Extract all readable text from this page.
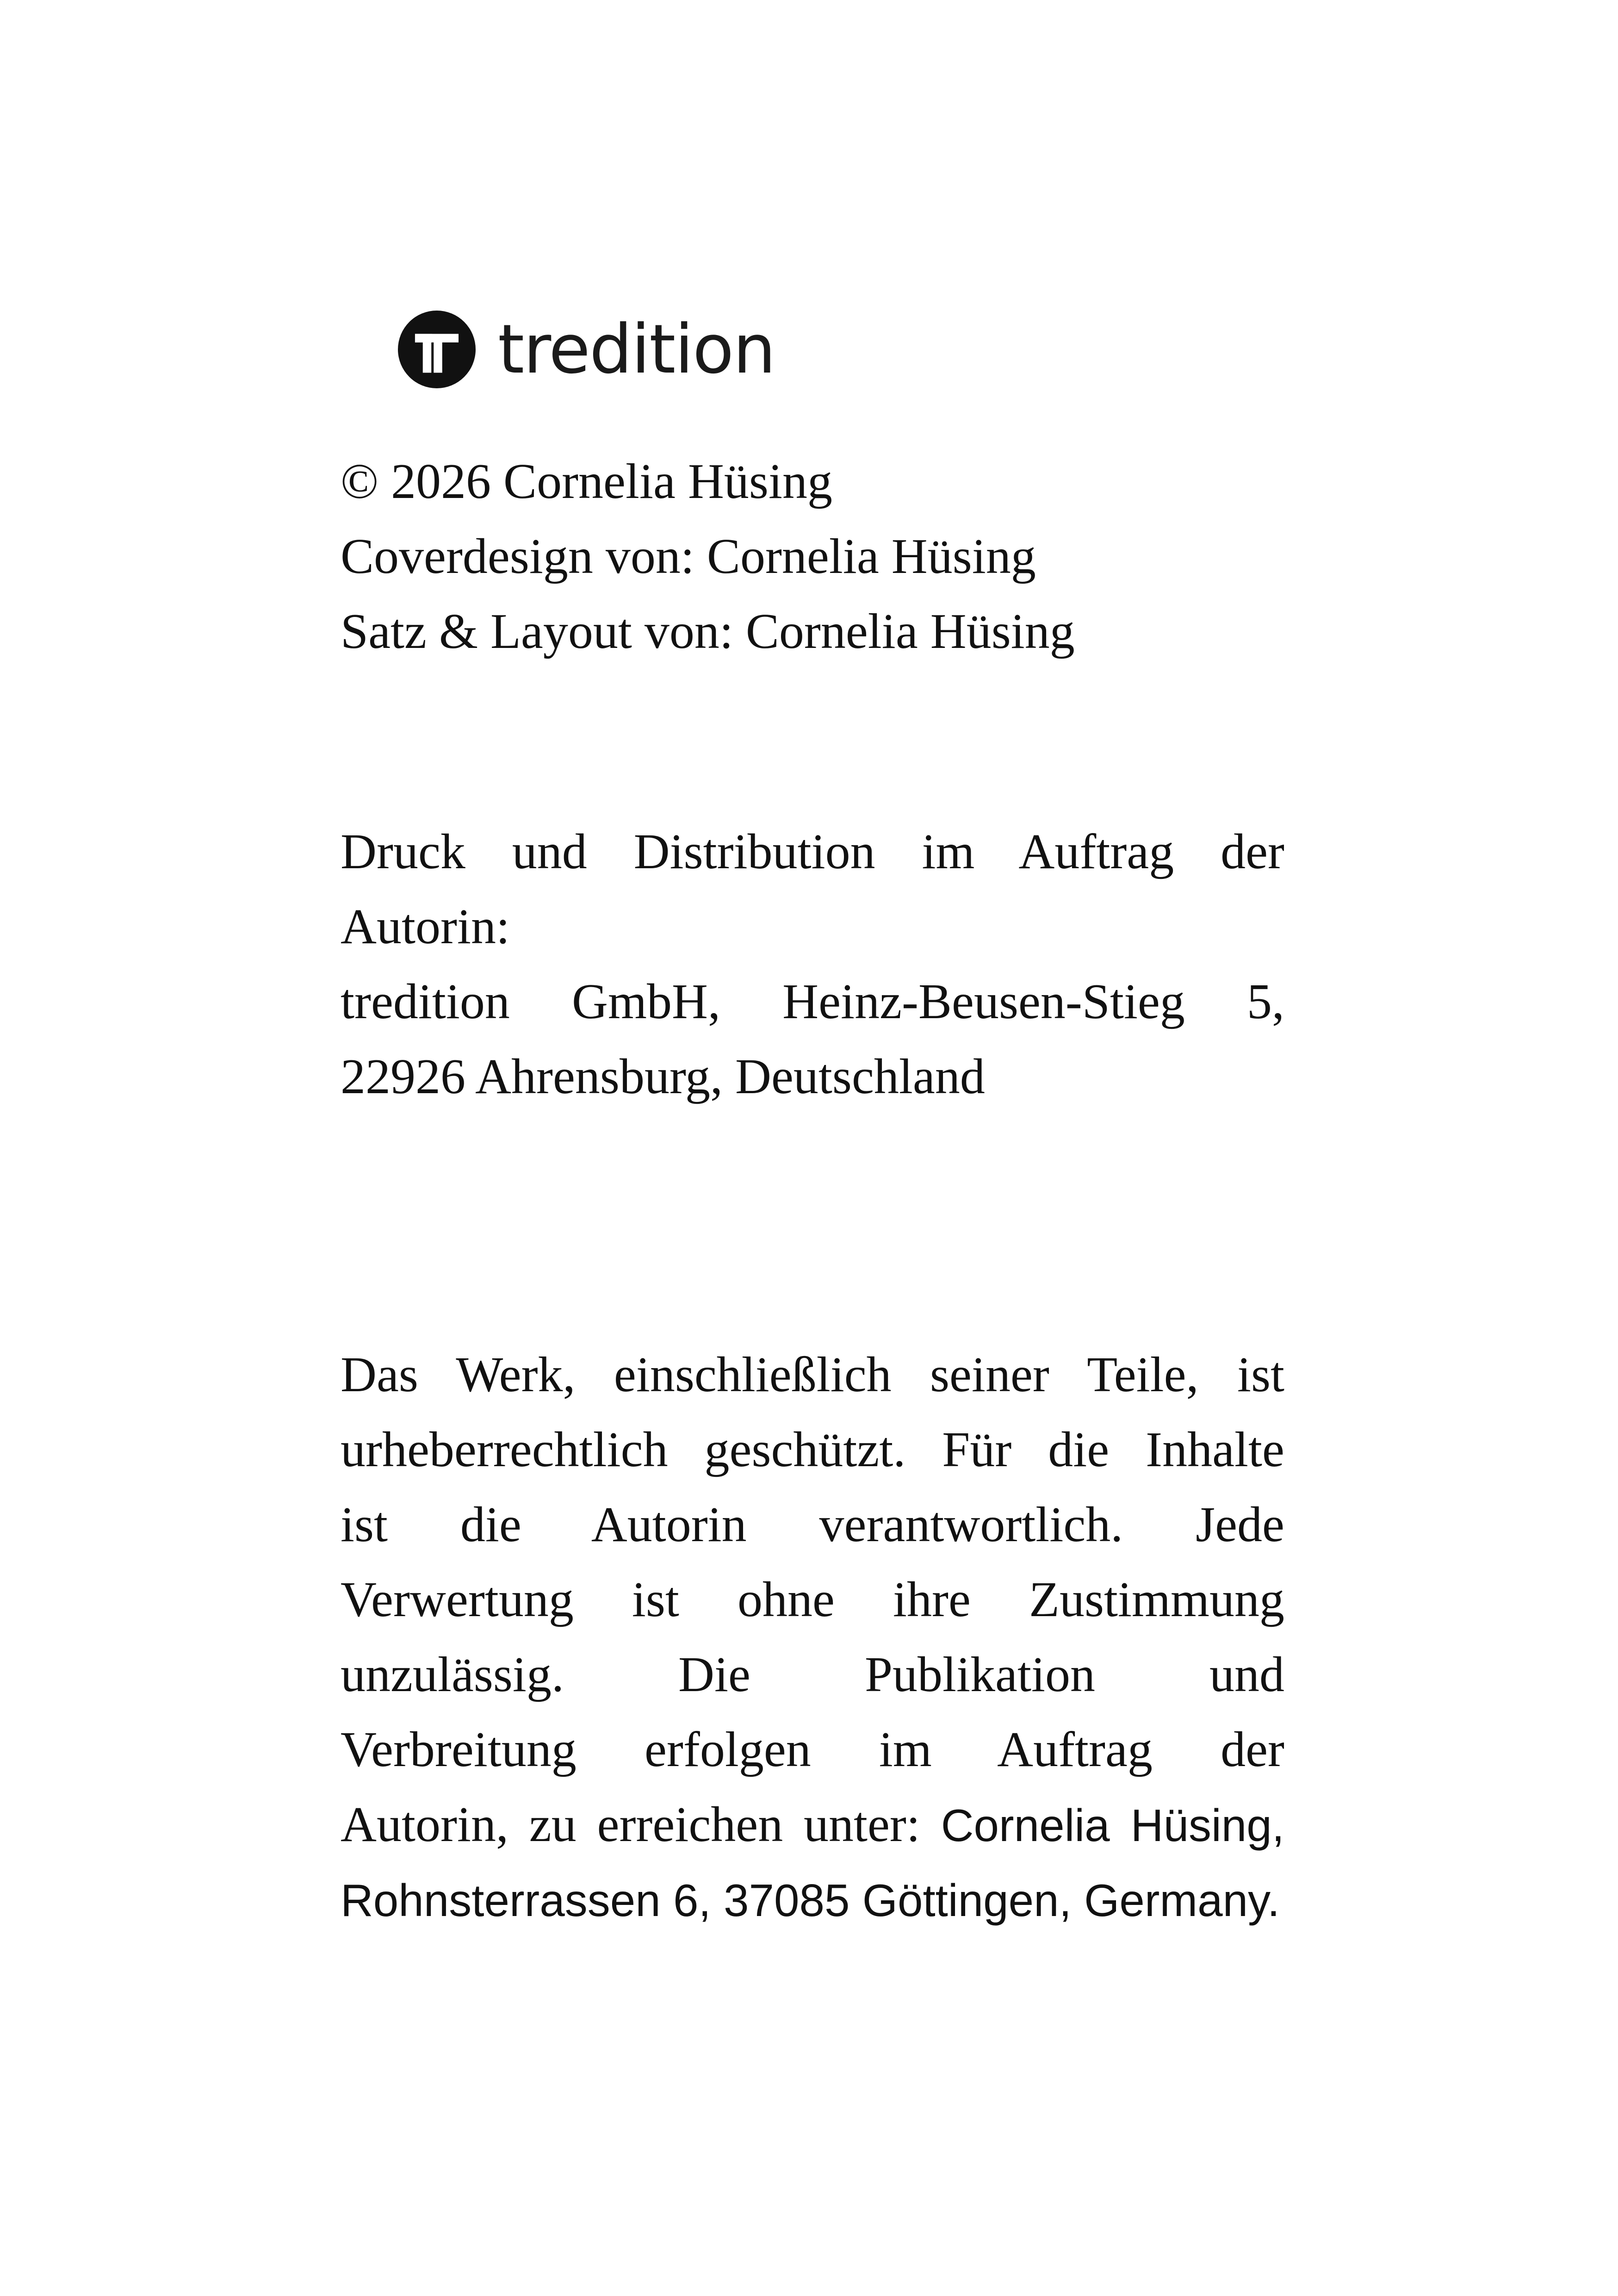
tredition
© 2026 Cornelia Hüsing
Coverdesign von: Cornelia Hüsing
Satz & Layout von: Cornelia Hüsing
Druck und Distribution im Auftrag der
Autorin:
tredition GmbH, Heinz-Beusen-Stieg 5,
22926 Ahrensburg, Deutschland
Das Werk, einschließlich seiner Teile, ist
urheberrechtlich geschützt. Für die Inhalte
ist die Autorin verantwortlich. Jede
Verwertung ist ohne ihre Zustimmung
unzulässig. Die Publikation und
Verbreitung erfolgen im Auftrag der
Autorin, zu erreichen unter: Cornelia Hüsing,
Rohnsterrassen 6, 37085 Göttingen, Germany.
